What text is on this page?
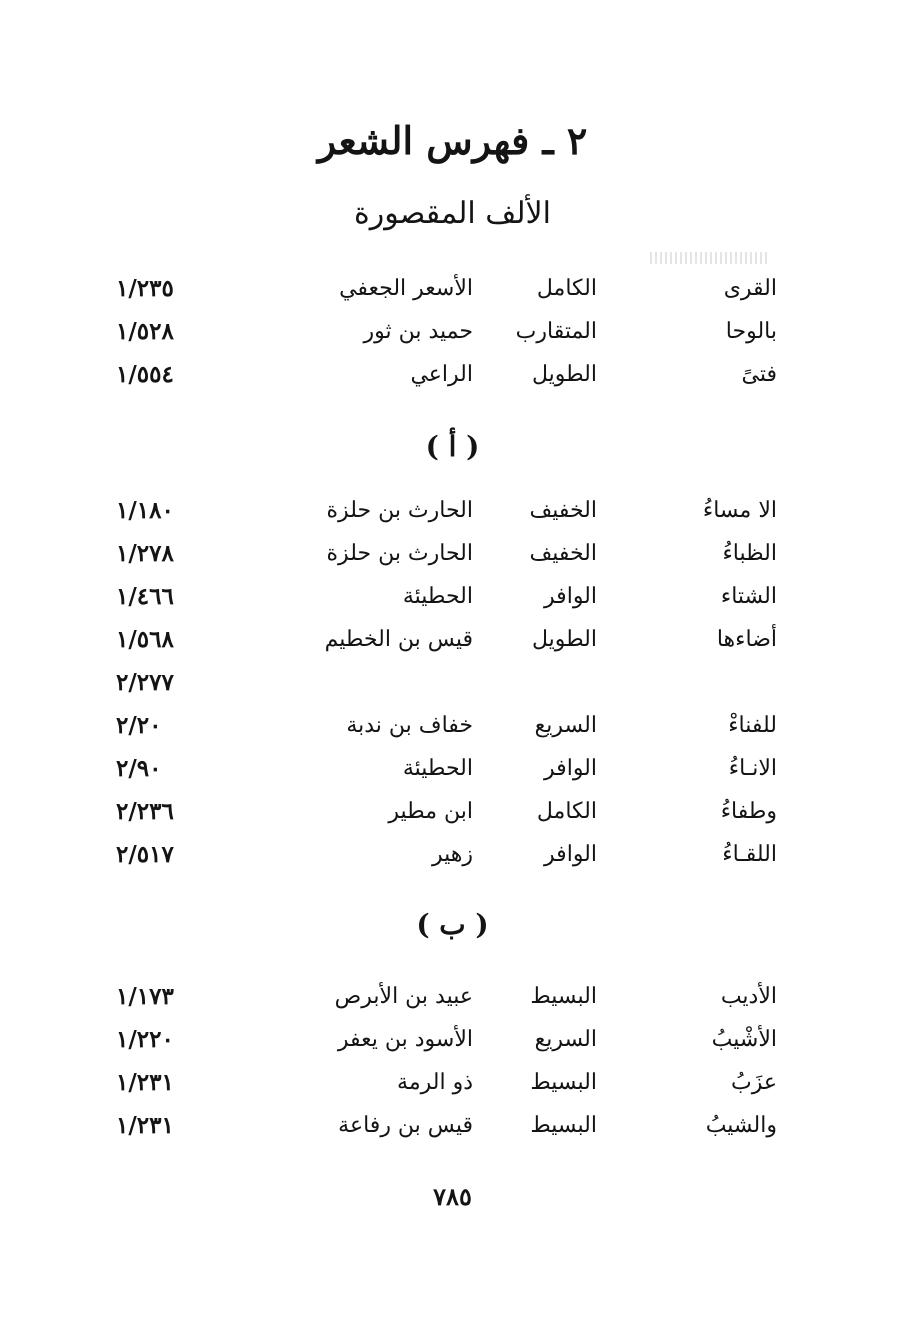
٢ ـ فهرس الشعر
الألف المقصورة
القرى
الكامل
الأسعر الجعفي
١/٢٣٥
بالوحا
المتقارب
حميد بن ثور
١/٥٢٨
فتىً
الطويل
الراعي
١/٥٥٤
( أ )
الا مساءُ
الخفيف
الحارث بن حلزة
١/١٨٠
الظباءُ
الخفيف
الحارث بن حلزة
١/٢٧٨
الشتاء
الوافر
الحطيئة
١/٤٦٦
أضاءها
الطويل
قيس بن الخطيم
١/٥٦٨
٢/٢٧٧
للفناءْ
السريع
خفاف بن ندبة
٢/٢٠
الانـاءُ
الوافر
الحطيئة
٢/٩٠
وطفاءُ
الكامل
ابن مطير
٢/٢٣٦
اللقـاءُ
الوافر
زهير
٢/٥١٧
( ب )
الأديب
البسيط
عبيد بن الأبرص
١/١٧٣
الأشْيبُ
السريع
الأسود بن يعفر
١/٢٢٠
عزَبُ
البسيط
ذو الرمة
١/٢٣١
والشيبُ
البسيط
قيس بن رفاعة
١/٢٣١
٧٨٥
